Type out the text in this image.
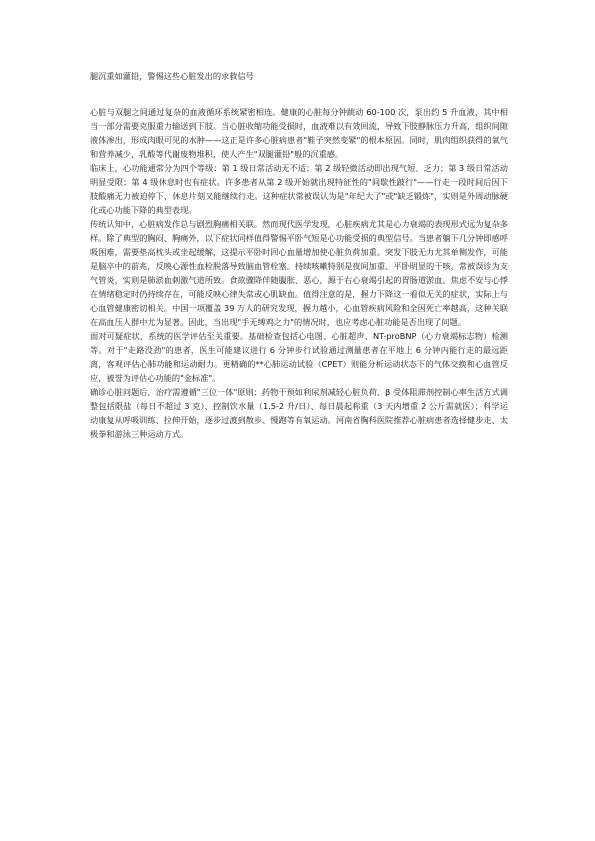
腿沉重如灌铅，警惕这些心脏发出的求救信号

心脏与双腿之间通过复杂的血液循环系统紧密相连。健康的心脏每分钟跳动 60-100 次，泵出约 5 升血液，其中相当一部分需要克服重力输送到下肢。当心脏收缩功能受损时，血液难以有效回流，导致下肢静脉压力升高，组织间隙液体渗出，形成肉眼可见的水肿——这正是许多心脏病患者"鞋子突然变紧"的根本原因。同时，肌肉组织获得的氧气和营养减少，乳酸等代谢废物堆积，使人产生"双腿灌铅"般的沉重感。

临床上，心功能通常分为四个等级：第 1 级日常活动无不适；第 2 级轻微活动即出现气短、乏力；第 3 级日常活动明显受限；第 4 级休息时也有症状。许多患者从第 2 级开始就出现特征性的"间歇性跛行"——行走一段时间后因下肢酸痛无力被迫停下，休息片刻又能继续行走。这种症状常被误认为是"年纪大了"或"缺乏锻炼"，实则是外周动脉硬化或心功能下降的典型表现。

传统认知中，心脏病发作总与剧烈胸痛相关联。然而现代医学发现，心脏疾病尤其是心力衰竭的表现形式远为复杂多样。除了典型的胸闷、胸痛外，以下症状同样值得警惕平卧气短是心功能受损的典型信号。当患者躺下几分钟即感呼吸困难，需要垫高枕头或坐起缓解，这提示平卧时回心血量增加使心脏负荷加重。突发下肢无力尤其单侧发作，可能是脑卒中的前兆，反映心源性血栓脱落导致脑血管栓塞。持续咳嗽特别是夜间加重、平卧明显的干咳，常被误诊为支气管炎，实则是肺淤血刺激气道所致。食欲骤降伴随腹胀、恶心，源于右心衰竭引起的胃肠道淤血。焦虑不安与心悸在情绪稳定时仍持续存在，可能反映心律失常或心肌缺血。值得注意的是，握力下降这一看似无关的症状，实际上与心血管健康密切相关。中国一项覆盖 39 万人的研究发现，握力越小，心血管疾病风险和全因死亡率越高，这种关联在高血压人群中尤为显著。因此，当出现"手无缚鸡之力"的情况时，也应考虑心脏功能是否出现了问题。

面对可疑症状，系统的医学评估至关重要。基础检查包括心电图、心脏超声、NT-proBNP（心力衰竭标志物）检测等。对于"走路没劲"的患者，医生可能建议进行 6 分钟步行试验通过测量患者在平地上 6 分钟内能行走的最远距离，客观评估心肺功能和运动耐力。更精确的**心肺运动试验（CPET）则能分析运动状态下的气体交换和心血管反应，被誉为评估心功能的"金标准"。

确诊心脏问题后，治疗需遵循"三位一体"原则：药物干预如利尿剂减轻心脏负荷、β 受体阻滞剂控制心率生活方式调整包括限盐（每日不超过 3 克）、控制饮水量（1.5-2 升/日）、每日晨起称重（3 天内增重 2 公斤需就医）；科学运动康复从呼吸训练、拉伸开始，逐步过渡到散步、慢跑等有氧运动。河南省胸科医院推荐心脏病患者选择健步走、太极拳和游泳三种运动方式。
